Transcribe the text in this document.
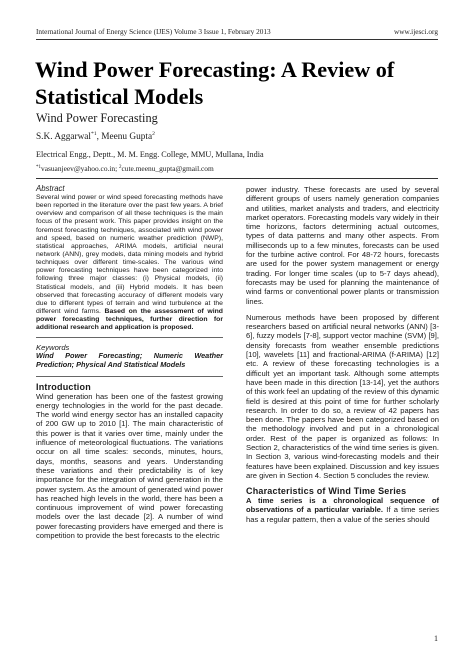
International Journal of Energy Science (IJES) Volume 3 Issue 1, February 2013	www.ijesci.org
Wind Power Forecasting: A Review of
Statistical Models
Wind Power Forecasting
S.K. Aggarwal$^{*1}$, Meenu Gupta$^2$
Electrical Engg., Deptt., M. M. Engg. College, MMU, Mullana, India
$^{*1}$vasuanjeev@yahoo.co.in; $^2$cute.meenu_gupta@gmail.com

Abstract

Several wind power or wind speed forecasting methods have been reported in the literature over the past few years. A brief overview and comparison of all these techniques is the main focus of the present work. This paper provides insight on the foremost forecasting techniques, associated with wind power and speed, based on numeric weather prediction (NWP), statistical approaches, ARIMA models, artificial neural network (ANN), grey models, data mining models and hybrid techniques over different time-scales. The various wind power forecasting techniques have been categorized into following three major classes: (i) Physical models, (ii) Statistical models, and (iii) Hybrid models. It has been observed that forecasting accuracy of different models vary due to different types of terrain and wind turbulence at the different wind farms. Based on the assessment of wind power forecasting techniques, further direction for additional research and application is proposed.

Keywords

Wind Power Forecasting; Numeric Weather Prediction; Physical And Statistical Models

Introduction

Wind generation has been one of the fastest growing energy technologies in the world for the past decade. The world wind energy sector has an installed capacity of 200 GW up to 2010 [1]. The main characteristic of this power is that it varies over time, mainly under the influence of meteorological fluctuations. The variations occur on all time scales: seconds, minutes, hours, days, months, seasons and years. Understanding these variations and their predictability is of key importance for the integration of wind generation in the power system. As the amount of generated wind power has reached high levels in the world, there has been a continuous improvement of wind power forecasting models over the last decade [2]. A number of wind power forecasting providers have emerged and there is competition to provide the best forecasts to the electric

power industry. These forecasts are used by several different groups of users namely generation companies and utilities, market analysts and traders, and electricity market operators. Forecasting models vary widely in their time horizons, factors determining actual outcomes, types of data patterns and many other aspects. From milliseconds up to a few minutes, forecasts can be used for the turbine active control. For 48-72 hours, forecasts are used for the power system management or energy trading. For longer time scales (up to 5-7 days ahead), forecasts may be used for planning the maintenance of wind farms or conventional power plants or transmission lines.

Numerous methods have been proposed by different researchers based on artificial neural networks (ANN) [3-6], fuzzy models [7-8], support vector machine (SVM) [9], density forecasts from weather ensemble predictions [10], wavelets [11] and fractional-ARIMA (f-ARIMA) [12] etc. A review of these forecasting technologies is a difficult yet an important task. Although some attempts have been made in this direction [13-14], yet the authors of this work feel an updating of the review of this dynamic field is desired at this point of time for further scholarly research. In order to do so, a review of 42 papers has been done. The papers have been categorized based on the methodology involved and put in a chronological order. Rest of the paper is organized as follows: In Section 2, characteristics of the wind time series is given. In Section 3, various wind-forecasting models and their features have been explained. Discussion and key issues are given in Section 4. Section 5 concludes the review.

Characteristics of Wind Time Series

A time series is a chronological sequence of observations of a particular variable. If a time series has a regular pattern, then a value of the series should

1
